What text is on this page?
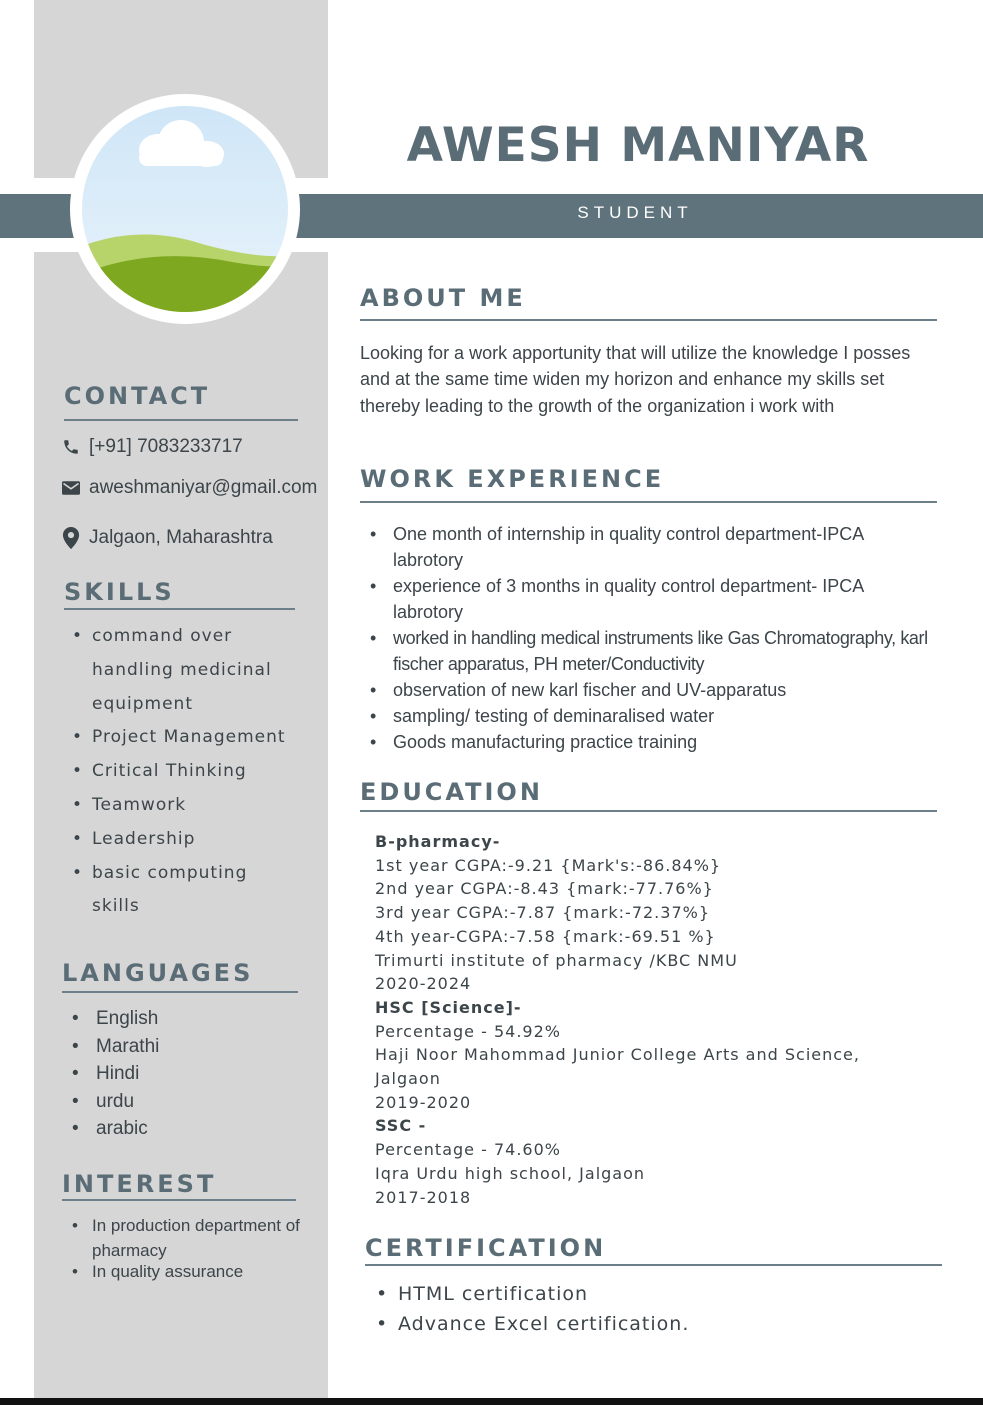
AWESH MANIYAR
STUDENT
CONTACT
[+91] 7083233717
aweshmaniyar@gmail.com
Jalgaon, Maharashtra
SKILLS
• command over handling medicinal equipment
• Project Management
• Critical Thinking
• Teamwork
• Leadership
• basic computing skills
LANGUAGES
• English
• Marathi
• Hindi
• urdu
• arabic
INTEREST
• In production department of pharmacy
• In quality assurance
ABOUT ME

Looking for a work apportunity that will utilize the knowledge I posses and at the same time widen my horizon and enhance my skills set thereby leading to the growth of the organization i work with

WORK EXPERIENCE
• One month of internship in quality control department-IPCA labrotory
• experience of 3 months in quality control department- IPCA labrotory
• worked in handling medical instruments like Gas Chromatography, karl fischer apparatus, PH meter/Conductivity
• observation of new karl fischer and UV-apparatus
• sampling/ testing of deminaralised water
• Goods manufacturing practice training
EDUCATION
B-pharmacy-
1st year CGPA:-9.21 {Mark's:-86.84%}
2nd year CGPA:-8.43 {mark:-77.76%}
3rd year CGPA:-7.87 {mark:-72.37%}
4th year-CGPA:-7.58 {mark:-69.51 %}
Trimurti institute of pharmacy /KBC NMU
2020-2024
HSC [Science]-
Percentage - 54.92%
Haji Noor Mahommad Junior College Arts and Science, Jalgaon
2019-2020
SSC -
Percentage - 74.60%
Iqra Urdu high school, Jalgaon
2017-2018
CERTIFICATION
• HTML certification
• Advance Excel certification.
